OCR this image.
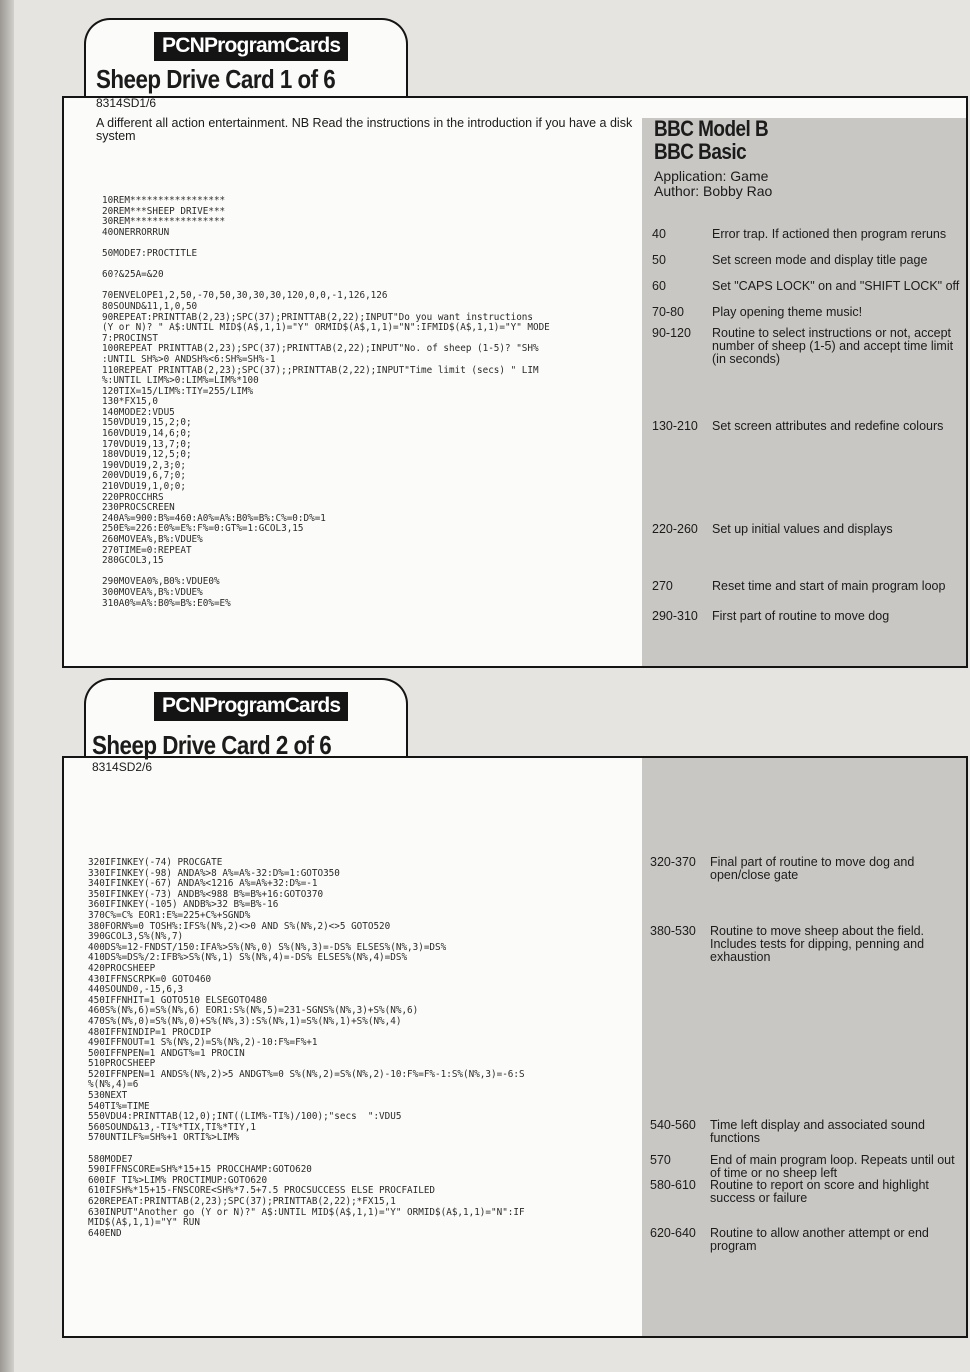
PCNProgramCards
Sheep Drive Card 1 of 6
8314SD1/6
A different all action entertainment. NB Read the instructions in the introduction if you have a disk system	BBC Model B
BBC Basic
Application: Game
Author: Bobby Rao
10REM*****************
20REM***SHEEP DRIVE***
30REM*****************
40ONERRORRUN

50MODE7:PROCTITLE

60?&25A=&20

70ENVELOPE1,2,50,-70,50,30,30,30,120,0,0,-1,126,126
80SOUND&11,1,0,50
90REPEAT:PRINTTAB(2,23);SPC(37);PRINTTAB(2,22);INPUT"Do you want instructions
(Y or N)? " A$:UNTIL MID$(A$,1,1)="Y" ORMID$(A$,1,1)="N":IFMID$(A$,1,1)="Y" MODE
7:PROCINST
100REPEAT PRINTTAB(2,23);SPC(37);PRINTTAB(2,22);INPUT"No. of sheep (1-5)? "SH%
:UNTIL SH%>0 ANDSH%<6:SH%=SH%-1
110REPEAT PRINTTAB(2,23);SPC(37);;PRINTTAB(2,22);INPUT"Time limit (secs) " LIM
%:UNTIL LIM%>0:LIM%=LIM%*100
120TIX=15/LIM%:TIY=255/LIM%
130*FX15,0
140MODE2:VDU5
150VDU19,15,2;0;
160VDU19,14,6;0;
170VDU19,13,7;0;
180VDU19,12,5;0;
190VDU19,2,3;0;
200VDU19,6,7;0;
210VDU19,1,0;0;
220PROCCHRS
230PROCSCREEN
240A%=900:B%=460:A0%=A%:B0%=B%:C%=0:D%=1
250E%=226:E0%=E%:F%=0:GT%=1:GCOL3,15
260MOVEA%,B%:VDUE%
270TIME=0:REPEAT
280GCOL3,15

290MOVEA0%,B0%:VDUE0%
300MOVEA%,B%:VDUE%
310A0%=A%:B0%=B%:E0%=E%
40	Error trap. If actioned then program reruns
50	Set screen mode and display title page
60	Set "CAPS LOCK" on and "SHIFT LOCK" off
70-80 Play opening theme music!
90-120 Routine to select instructions or not, accept number of sheep (1-5) and accept time limit (in seconds)
130-210 Set screen attributes and redefine colours
220-260 Set up initial values and displays
270	Reset time and start of main program loop
290-310 First part of routine to move dog
PCNProgramCards
Sheep Drive Card 2 of 6
8314SD2/6
320IFINKEY(-74) PROCGATE
330IFINKEY(-98) ANDA%>8 A%=A%-32:D%=1:GOTO350
340IFINKEY(-67) ANDA%<1216 A%=A%+32:D%=-1
350IFINKEY(-73) ANDB%<988 B%=B%+16:GOTO370
360IFINKEY(-105) ANDB%>32 B%=B%-16
370C%=C% EOR1:E%=225+C%+SGND%
380FORN%=0 TOSH%:IFS%(N%,2)<>0 AND S%(N%,2)<>5 GOTO520
390GCOL3,S%(N%,7)
400DS%=12-FNDST/150:IFA%>S%(N%,0) S%(N%,3)=-DS% ELSES%(N%,3)=DS%
410DS%=DS%/2:IFB%>S%(N%,1) S%(N%,4)=-DS% ELSES%(N%,4)=DS%
420PROCSHEEP
430IFFNSCRPK=0 GOTO460
440SOUND0,-15,6,3
450IFFNHIT=1 GOTO510 ELSEGOTO480
460S%(N%,6)=S%(N%,6) EOR1:S%(N%,5)=231-SGNS%(N%,3)+S%(N%,6)
470S%(N%,0)=S%(N%,0)+S%(N%,3):S%(N%,1)=S%(N%,1)+S%(N%,4)
480IFFNINDIP=1 PROCDIP
490IFFNOUT=1 S%(N%,2)=S%(N%,2)-10:F%=F%+1
500IFFNPEN=1 ANDGT%=1 PROCIN
510PROCSHEEP
520IFFNPEN=1 ANDS%(N%,2)>5 ANDGT%=0 S%(N%,2)=S%(N%,2)-10:F%=F%-1:S%(N%,3)=-6:S
%(N%,4)=6
530NEXT
540TI%=TIME
550VDU4:PRINTTAB(12,0);INT((LIM%-TI%)/100);"secs  ":VDU5
560SOUND&13,-TI%*TIX,TI%*TIY,1
570UNTILF%=SH%+1 ORTI%>LIM%

580MODE7
590IFFNSCORE=SH%*15+15 PROCCHAMP:GOTO620
600IF TI%>LIM% PROCTIMUP:GOTO620
610IFSH%*15+15-FNSCORE<SH%*7.5+7.5 PROCSUCCESS ELSE PROCFAILED
620REPEAT:PRINTTAB(2,23);SPC(37);PRINTTAB(2,22);*FX15,1
630INPUT"Another go (Y or N)?" A$:UNTIL MID$(A$,1,1)="Y" ORMID$(A$,1,1)="N":IF
MID$(A$,1,1)="Y" RUN
640END
320-370 Final part of routine to move dog and open/close gate
380-530 Routine to move sheep about the field. Includes tests for dipping, penning and exhaustion
540-560 Time left display and associated sound functions
570	End of main program loop. Repeats until out of time or no sheep left
580-610 Routine to report on score and highlight success or failure
620-640 Routine to allow another attempt or end program
